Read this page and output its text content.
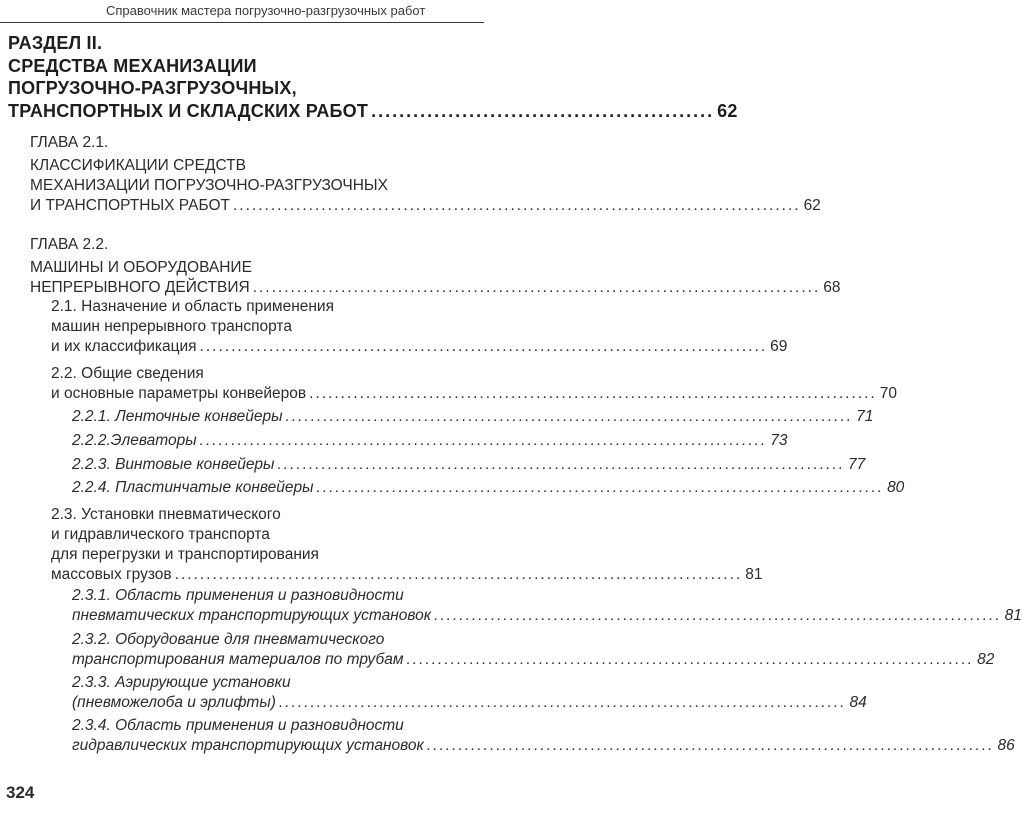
Справочник мастера погрузочно-разгрузочных работ
РАЗДЕЛ II.
СРЕДСТВА МЕХАНИЗАЦИИ
ПОГРУЗОЧНО-РАЗГРУЗОЧНЫХ,
ТРАНСПОРТНЫХ И СКЛАДСКИХ РАБОТ ................................................. 62
ГЛАВА 2.1.
КЛАССИФИКАЦИИ СРЕДСТВ
МЕХАНИЗАЦИИ ПОГРУЗОЧНО-РАЗГРУЗОЧНЫХ
И ТРАНСПОРТНЫХ РАБОТ .......................................................................................... 62
ГЛАВА 2.2.
МАШИНЫ И ОБОРУДОВАНИЕ
НЕПРЕРЫВНОГО ДЕЙСТВИЯ .......................................................................................... 68
2.1. Назначение и область применения
машин непрерывного транспорта
и их классификация .......................................................................................... 69
2.2. Общие сведения
и основные параметры конвейеров .......................................................................................... 70
2.2.1. Ленточные конвейеры .......................................................................................... 71
2.2.2.Элеваторы .......................................................................................... 73
2.2.3. Винтовые конвейеры .......................................................................................... 77
2.2.4. Пластинчатые конвейеры .......................................................................................... 80
2.3. Установки пневматического
и гидравлического транспорта
для перегрузки и транспортирования
массовых грузов .......................................................................................... 81
2.3.1. Область применения и разновидности
пневматических транспортирующих установок .......................................................................................... 81
2.3.2. Оборудование для пневматического
транспортирования материалов по трубам .......................................................................................... 82
2.3.3. Аэрирующие установки
(пневможелоба и эрлифты) .......................................................................................... 84
2.3.4. Область применения и разновидности
гидравлических транспортирующих установок .......................................................................................... 86
324
